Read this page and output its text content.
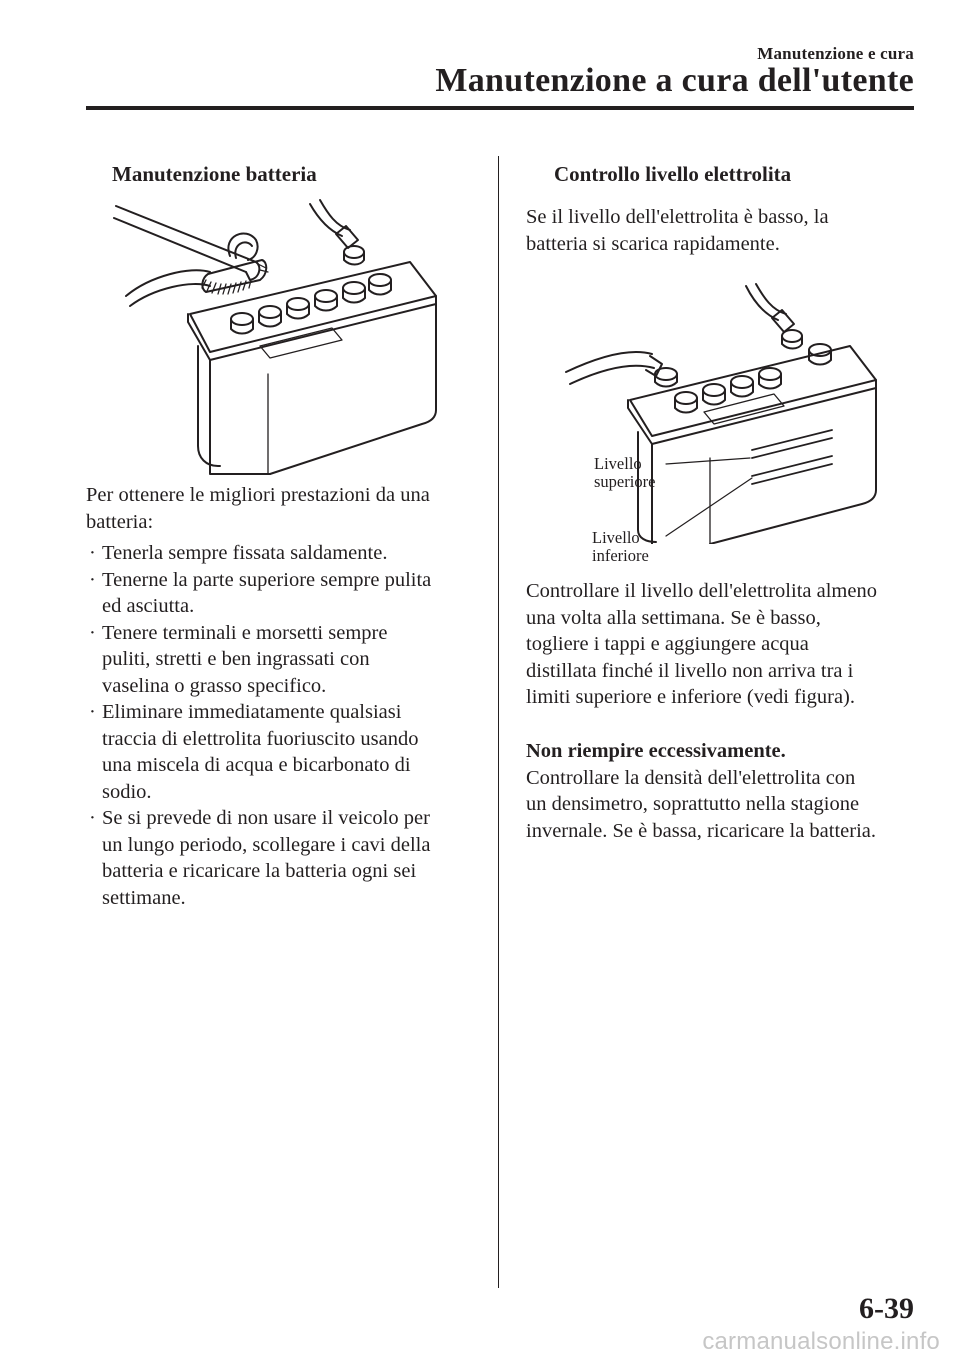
Manutenzione e cura
Manutenzione a cura dell'utente
Manutenzione batteria
Per ottenere le migliori prestazioni da una
batteria:
· Tenerla sempre fissata saldamente.
· Tenerne la parte superiore sempre pulita
ed asciutta.
· Tenere terminali e morsetti sempre
puliti, stretti e ben ingrassati con
vaselina o grasso specifico.
· Eliminare immediatamente qualsiasi
traccia di elettrolita fuoriuscito usando
una miscela di acqua e bicarbonato di
sodio.
· Se si prevede di non usare il veicolo per
un lungo periodo, scollegare i cavi della
batteria e ricaricare la batteria ogni sei
settimane.
Controllo livello elettrolita
Se il livello dell'elettrolita è basso, la
batteria si scarica rapidamente.
Livello
superiore
Livello
inferiore
Controllare il livello dell'elettrolita almeno
una volta alla settimana. Se è basso,
togliere i tappi e aggiungere acqua
distillata finché il livello non arriva tra i
limiti superiore e inferiore (vedi figura).
Non riempire eccessivamente.
Controllare la densità dell'elettrolita con
un densimetro, soprattutto nella stagione
invernale. Se è bassa, ricaricare la batteria.
6-39
carmanualsonline.info
